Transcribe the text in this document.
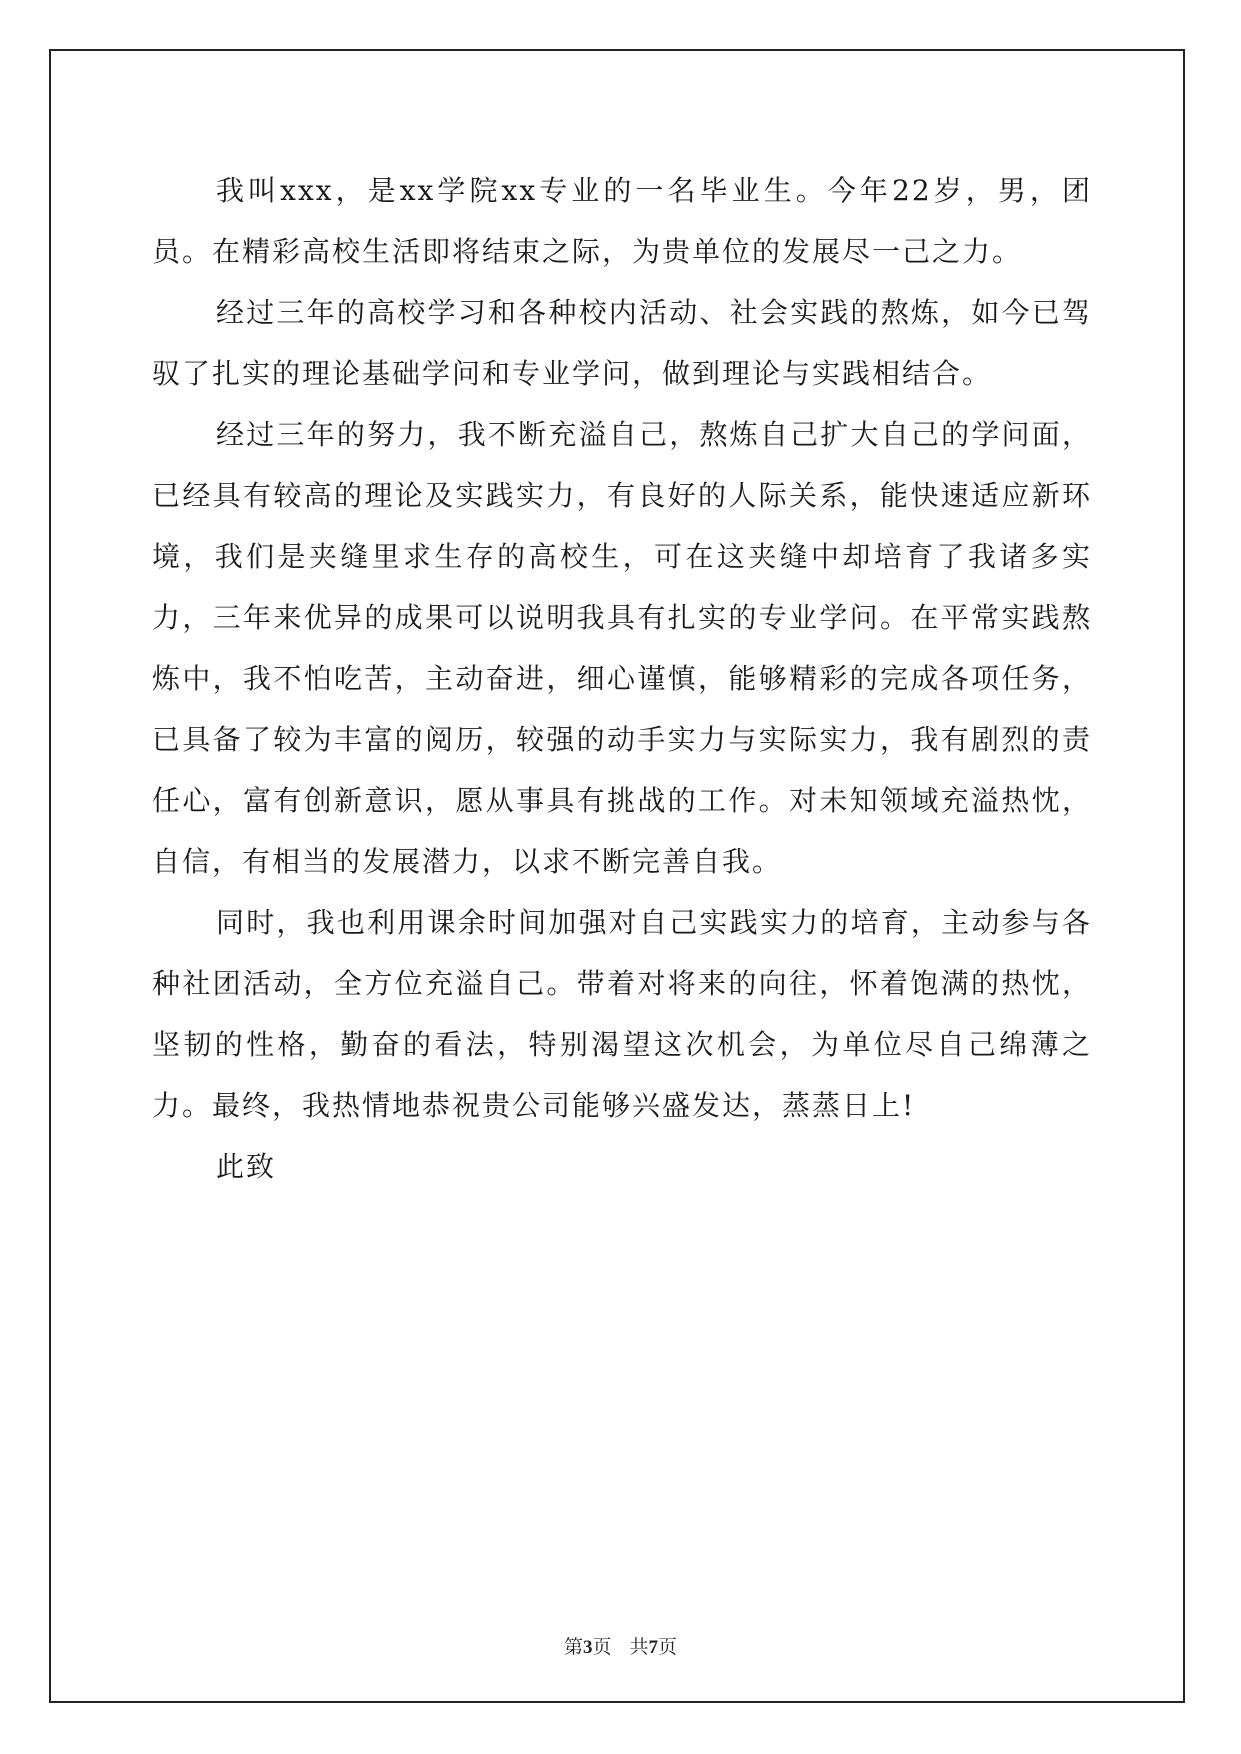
我叫xxx，是xx学院xx专业的一名毕业生。今年22岁，男，团员。在精彩高校生活即将结束之际，为贵单位的发展尽一己之力。

经过三年的高校学习和各种校内活动、社会实践的熬炼，如今已驾驭了扎实的理论基础学问和专业学问，做到理论与实践相结合。

经过三年的努力，我不断充溢自己，熬炼自己扩大自己的学问面，已经具有较高的理论及实践实力，有良好的人际关系，能快速适应新环境，我们是夹缝里求生存的高校生，可在这夹缝中却培育了我诸多实力，三年来优异的成果可以说明我具有扎实的专业学问。在平常实践熬炼中，我不怕吃苦，主动奋进，细心谨慎，能够精彩的完成各项任务，已具备了较为丰富的阅历，较强的动手实力与实际实力，我有剧烈的责任心，富有创新意识，愿从事具有挑战的工作。对未知领域充溢热忱，自信，有相当的发展潜力，以求不断完善自我。

同时，我也利用课余时间加强对自己实践实力的培育，主动参与各种社团活动，全方位充溢自己。带着对将来的向往，怀着饱满的热忱，坚韧的性格，勤奋的看法，特别渴望这次机会，为单位尽自己绵薄之力。最终，我热情地恭祝贵公司能够兴盛发达，蒸蒸日上!

此致

第3页 共7页
